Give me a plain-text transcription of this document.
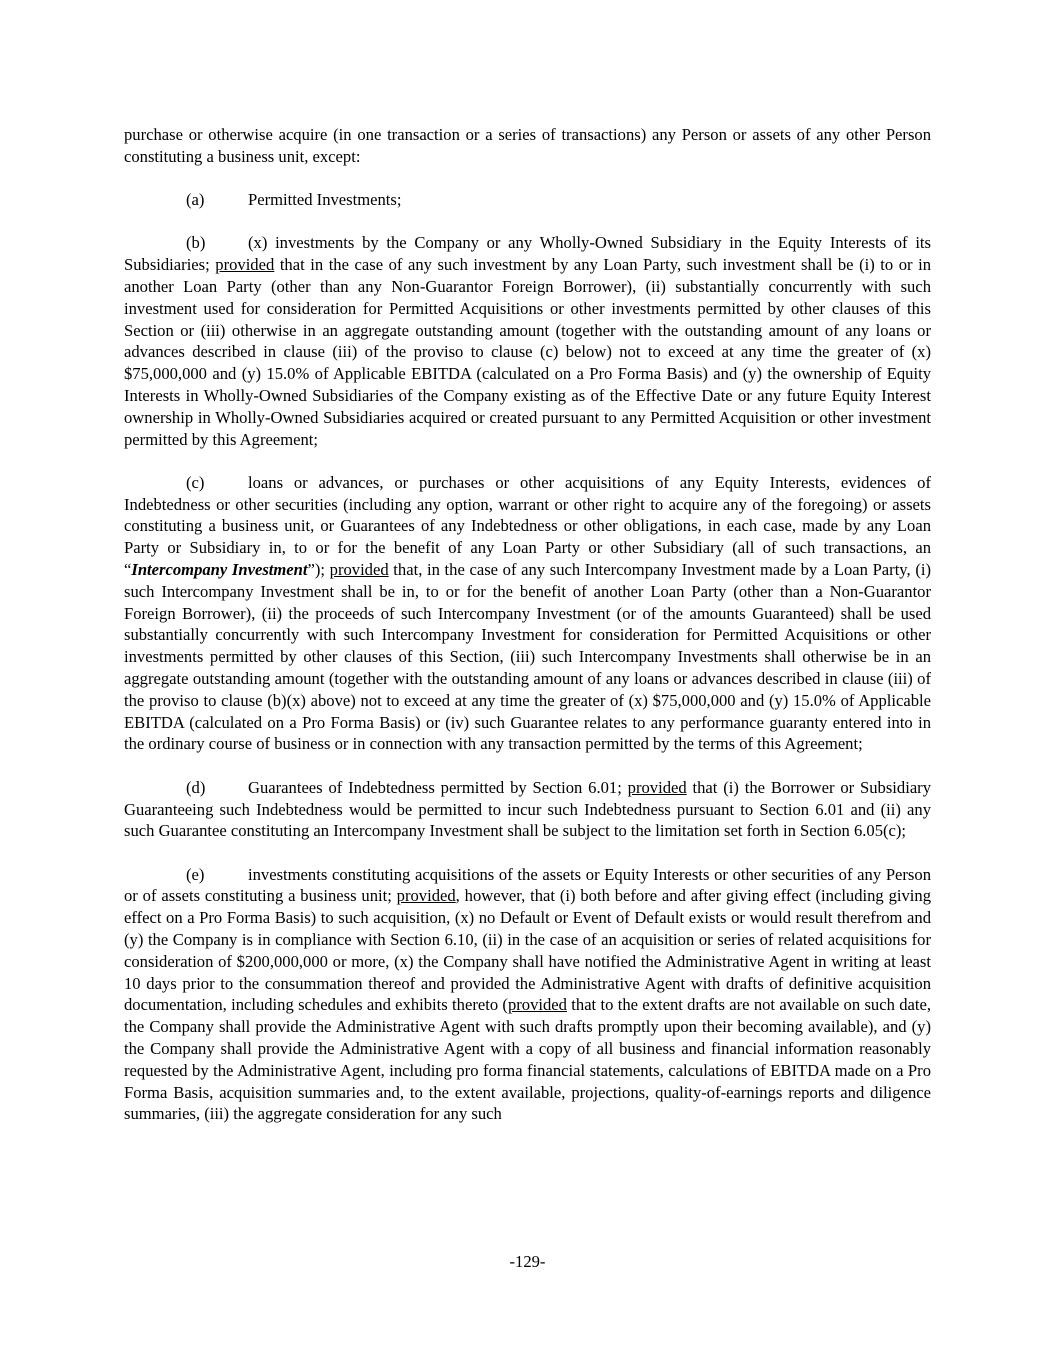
purchase or otherwise acquire (in one transaction or a series of transactions) any Person or assets of any other Person constituting a business unit, except:

(a)	Permitted Investments;

(b)	(x) investments by the Company or any Wholly-Owned Subsidiary in the Equity Interests of its Subsidiaries; provided that in the case of any such investment by any Loan Party, such investment shall be (i) to or in another Loan Party (other than any Non-Guarantor Foreign Borrower), (ii) substantially concurrently with such investment used for consideration for Permitted Acquisitions or other investments permitted by other clauses of this Section or (iii) otherwise in an aggregate outstanding amount (together with the outstanding amount of any loans or advances described in clause (iii) of the proviso to clause (c) below) not to exceed at any time the greater of (x) $75,000,000 and (y) 15.0% of Applicable EBITDA (calculated on a Pro Forma Basis) and (y) the ownership of Equity Interests in Wholly-Owned Subsidiaries of the Company existing as of the Effective Date or any future Equity Interest ownership in Wholly-Owned Subsidiaries acquired or created pursuant to any Permitted Acquisition or other investment permitted by this Agreement;

(c)	loans or advances, or purchases or other acquisitions of any Equity Interests, evidences of Indebtedness or other securities (including any option, warrant or other right to acquire any of the foregoing) or assets constituting a business unit, or Guarantees of any Indebtedness or other obligations, in each case, made by any Loan Party or Subsidiary in, to or for the benefit of any Loan Party or other Subsidiary (all of such transactions, an “Intercompany Investment”); provided that, in the case of any such Intercompany Investment made by a Loan Party, (i) such Intercompany Investment shall be in, to or for the benefit of another Loan Party (other than a Non-Guarantor Foreign Borrower), (ii) the proceeds of such Intercompany Investment (or of the amounts Guaranteed) shall be used substantially concurrently with such Intercompany Investment for consideration for Permitted Acquisitions or other investments permitted by other clauses of this Section, (iii) such Intercompany Investments shall otherwise be in an aggregate outstanding amount (together with the outstanding amount of any loans or advances described in clause (iii) of the proviso to clause (b)(x) above) not to exceed at any time the greater of (x) $75,000,000 and (y) 15.0% of Applicable EBITDA (calculated on a Pro Forma Basis) or (iv) such Guarantee relates to any performance guaranty entered into in the ordinary course of business or in connection with any transaction permitted by the terms of this Agreement;

(d)	Guarantees of Indebtedness permitted by Section 6.01; provided that (i) the Borrower or Subsidiary Guaranteeing such Indebtedness would be permitted to incur such Indebtedness pursuant to Section 6.01 and (ii) any such Guarantee constituting an Intercompany Investment shall be subject to the limitation set forth in Section 6.05(c);

(e)	investments constituting acquisitions of the assets or Equity Interests or other securities of any Person or of assets constituting a business unit; provided, however, that (i) both before and after giving effect (including giving effect on a Pro Forma Basis) to such acquisition, (x) no Default or Event of Default exists or would result therefrom and (y) the Company is in compliance with Section 6.10, (ii) in the case of an acquisition or series of related acquisitions for consideration of $200,000,000 or more, (x) the Company shall have notified the Administrative Agent in writing at least 10 days prior to the consummation thereof and provided the Administrative Agent with drafts of definitive acquisition documentation, including schedules and exhibits thereto (provided that to the extent drafts are not available on such date, the Company shall provide the Administrative Agent with such drafts promptly upon their becoming available), and (y) the Company shall provide the Administrative Agent with a copy of all business and financial information reasonably requested by the Administrative Agent, including pro forma financial statements, calculations of EBITDA made on a Pro Forma Basis, acquisition summaries and, to the extent available, projections, quality-of-earnings reports and diligence summaries, (iii) the aggregate consideration for any such

-129-
